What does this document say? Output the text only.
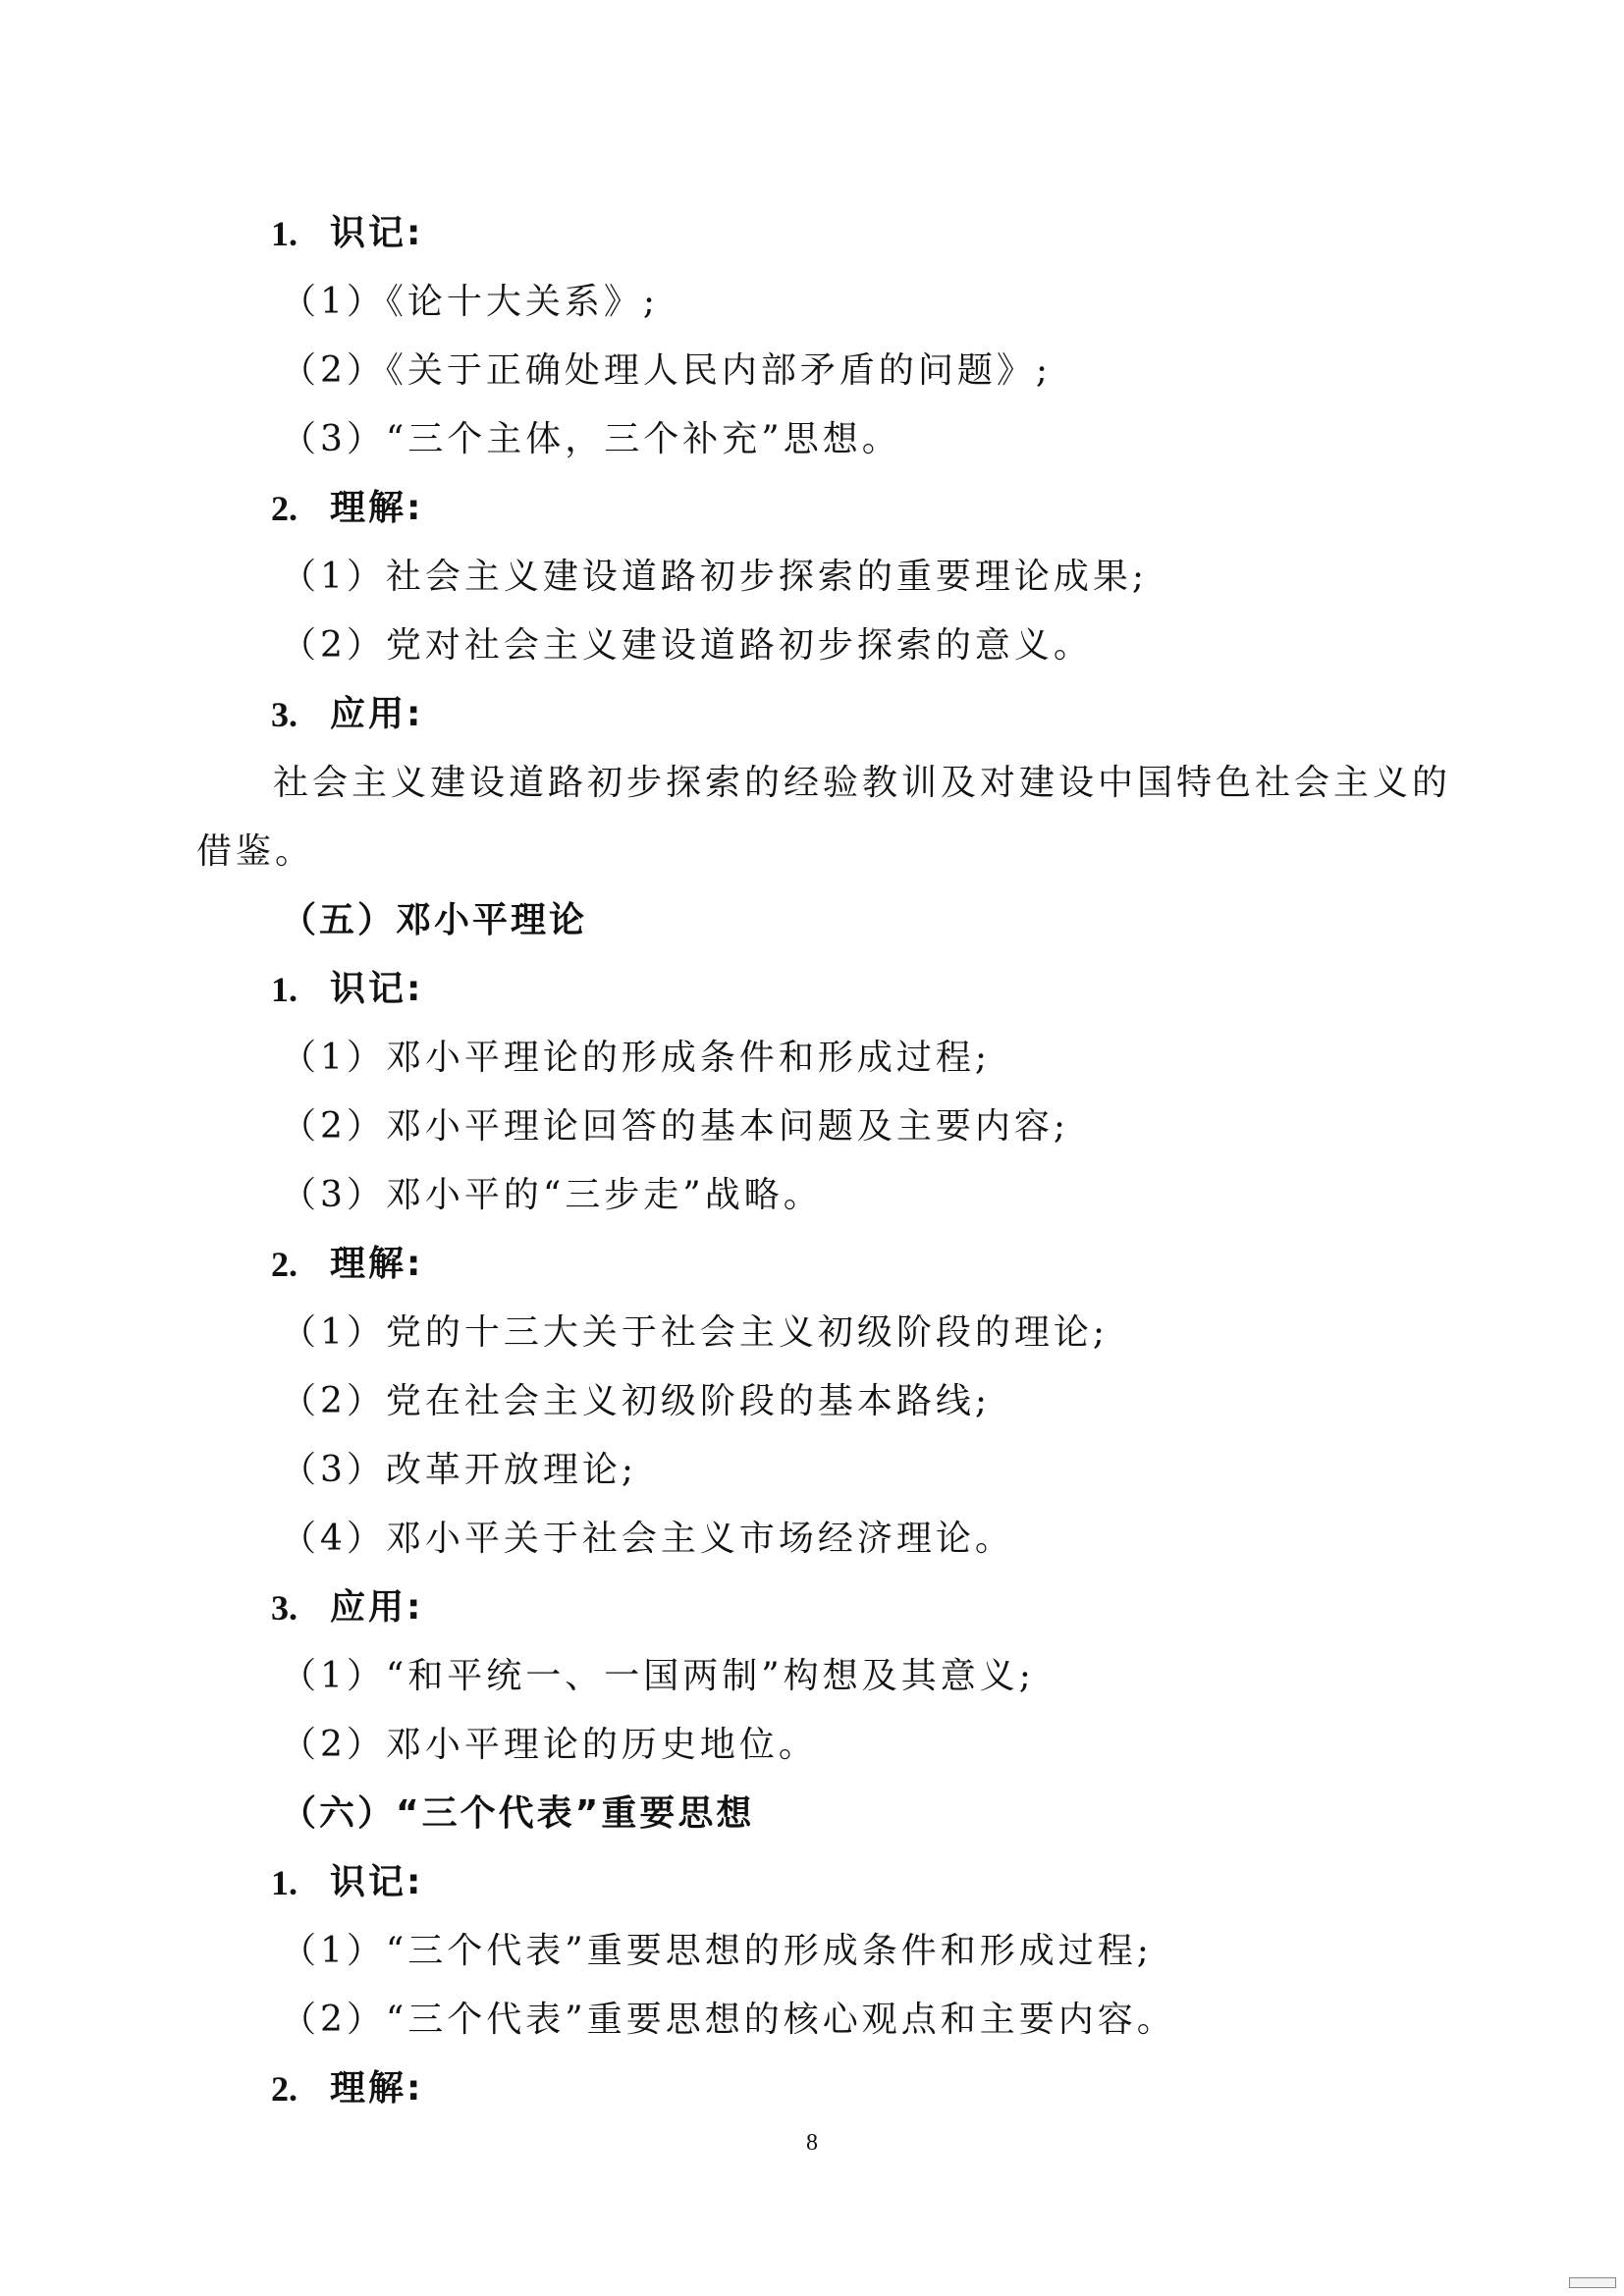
1. 识记:
（1）《论十大关系》;
（2）《关于正确处理人民内部矛盾的问题》;
（3）“三个主体，三个补充”思想。
2. 理解:
（1）社会主义建设道路初步探索的重要理论成果;
（2）党对社会主义建设道路初步探索的意义。
3. 应用:
社会主义建设道路初步探索的经验教训及对建设中国特色社会主义的
借鉴。
（五）邓小平理论
1. 识记:
（1）邓小平理论的形成条件和形成过程;
（2）邓小平理论回答的基本问题及主要内容;
（3）邓小平的“三步走”战略。
2. 理解:
（1）党的十三大关于社会主义初级阶段的理论;
（2）党在社会主义初级阶段的基本路线;
（3）改革开放理论;
（4）邓小平关于社会主义市场经济理论。
3. 应用:
（1）“和平统一、一国两制”构想及其意义;
（2）邓小平理论的历史地位。
（六）“三个代表”重要思想
1. 识记:
（1）“三个代表”重要思想的形成条件和形成过程;
（2）“三个代表”重要思想的核心观点和主要内容。
2. 理解:
8
